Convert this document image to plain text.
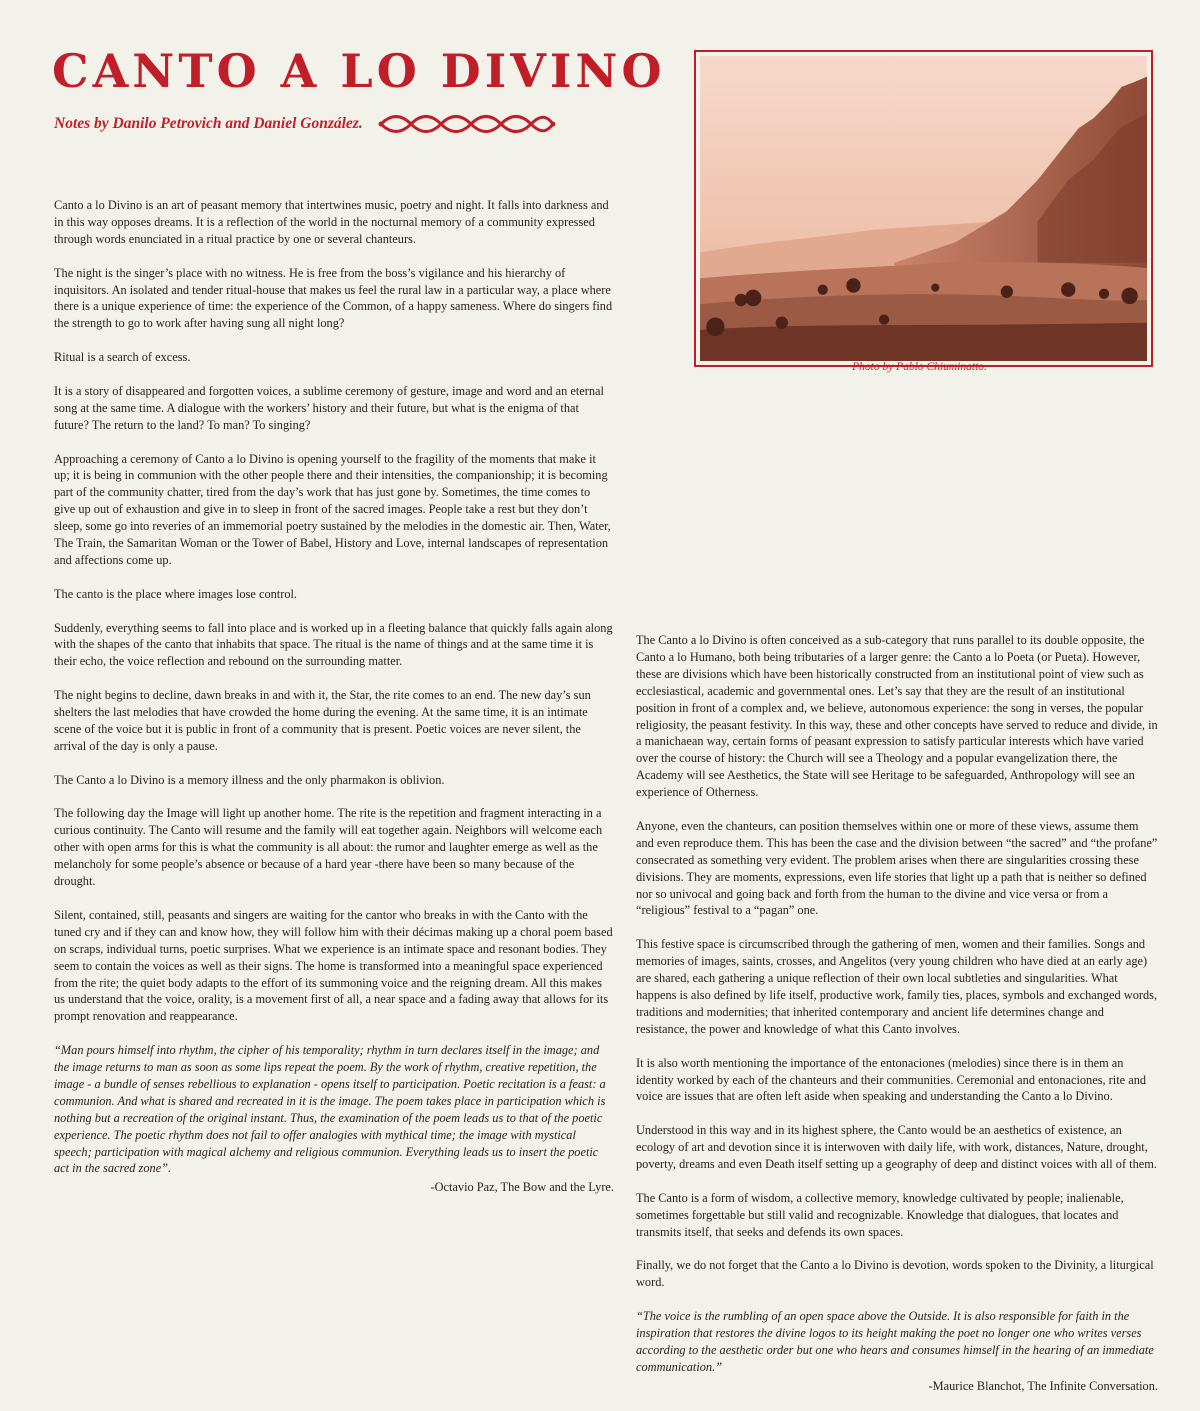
CANTO A LO DIVINO
Notes by Danilo Petrovich and Daniel González.
Photo by Pablo Chiuminatto.

Canto a lo Divino is an art of peasant memory that intertwines music, poetry and night. It falls into darkness and in this way opposes dreams. It is a reflection of the world in the nocturnal memory of a community expressed through words enunciated in a ritual practice by one or several chanteurs.

The night is the singer’s place with no witness. He is free from the boss’s vigilance and his hierarchy of inquisitors. An isolated and tender ritual-house that makes us feel the rural law in a particular way, a place where there is a unique experience of time: the experience of the Common, of a happy sameness. Where do singers find the strength to go to work after having sung all night long?

Ritual is a search of excess.

It is a story of disappeared and forgotten voices, a sublime ceremony of gesture, image and word and an eternal song at the same time. A dialogue with the workers’ history and their future, but what is the enigma of that future? The return to the land? To man? To singing?

Approaching a ceremony of Canto a lo Divino is opening yourself to the fragility of the moments that make it up; it is being in communion with the other people there and their intensities, the companionship; it is becoming part of the community chatter, tired from the day’s work that has just gone by. Sometimes, the time comes to give up out of exhaustion and give in to sleep in front of the sacred images. People take a rest but they don’t sleep, some go into reveries of an immemorial poetry sustained by the melodies in the domestic air. Then, Water, The Train, the Samaritan Woman or the Tower of Babel, History and Love, internal landscapes of representation and affections come up.

The canto is the place where images lose control.

Suddenly, everything seems to fall into place and is worked up in a fleeting balance that quickly falls again along with the shapes of the canto that inhabits that space. The ritual is the name of things and at the same time it is their echo, the voice reflection and rebound on the surrounding matter.

The night begins to decline, dawn breaks in and with it, the Star, the rite comes to an end. The new day’s sun shelters the last melodies that have crowded the home during the evening. At the same time, it is an intimate scene of the voice but it is public in front of a community that is present. Poetic voices are never silent, the arrival of the day is only a pause.

The Canto a lo Divino is a memory illness and the only pharmakon is oblivion.

The following day the Image will light up another home. The rite is the repetition and fragment interacting in a curious continuity. The Canto will resume and the family will eat together again. Neighbors will welcome each other with open arms for this is what the community is all about: the rumor and laughter emerge as well as the melancholy for some people’s absence or because of a hard year -there have been so many because of the drought.

Silent, contained, still, peasants and singers are waiting for the cantor who breaks in with the Canto with the tuned cry and if they can and know how, they will follow him with their décimas making up a choral poem based on scraps, individual turns, poetic surprises. What we experience is an intimate space and resonant bodies. They seem to contain the voices as well as their signs. The home is transformed into a meaningful space experienced from the rite; the quiet body adapts to the effort of its summoning voice and the reigning dream. All this makes us understand that the voice, orality, is a movement first of all, a near space and a fading away that allows for its prompt renovation and reappearance.

“Man pours himself into rhythm, the cipher of his temporality; rhythm in turn declares itself in the image; and the image returns to man as soon as some lips repeat the poem. By the work of rhythm, creative repetition, the image - a bundle of senses rebellious to explanation - opens itself to participation. Poetic recitation is a feast: a communion. And what is shared and recreated in it is the image. The poem takes place in participation which is nothing but a recreation of the original instant. Thus, the examination of the poem leads us to that of the poetic experience. The poetic rhythm does not fail to offer analogies with mythical time; the image with mystical speech; participation with magical alchemy and religious communion. Everything leads us to insert the poetic act in the sacred zone”.

-Octavio Paz, The Bow and the Lyre.

The Canto a lo Divino is often conceived as a sub-category that runs parallel to its double opposite, the Canto a lo Humano, both being tributaries of a larger genre: the Canto a lo Poeta (or Pueta). However, these are divisions which have been historically constructed from an institutional point of view such as ecclesiastical, academic and governmental ones. Let’s say that they are the result of an institutional position in front of a complex and, we believe, autonomous experience: the song in verses, the popular religiosity, the peasant festivity. In this way, these and other concepts have served to reduce and divide, in a manichaean way, certain forms of peasant expression to satisfy particular interests which have varied over the course of history: the Church will see a Theology and a popular evangelization there, the Academy will see Aesthetics, the State will see Heritage to be safeguarded, Anthropology will see an experience of Otherness.

Anyone, even the chanteurs, can position themselves within one or more of these views, assume them and even reproduce them. This has been the case and the division between “the sacred” and “the profane” consecrated as something very evident. The problem arises when there are singularities crossing these divisions. They are moments, expressions, even life stories that light up a path that is neither so defined nor so univocal and going back and forth from the human to the divine and vice versa or from a “religious” festival to a “pagan” one.

This festive space is circumscribed through the gathering of men, women and their families. Songs and memories of images, saints, crosses, and Angelitos (very young children who have died at an early age) are shared, each gathering a unique reflection of their own local subtleties and singularities. What happens is also defined by life itself, productive work, family ties, places, symbols and exchanged words, traditions and modernities; that inherited contemporary and ancient life determines change and resistance, the power and knowledge of what this Canto involves.

It is also worth mentioning the importance of the entonaciones (melodies) since there is in them an identity worked by each of the chanteurs and their communities. Ceremonial and entonaciones, rite and voice are issues that are often left aside when speaking and understanding the Canto a lo Divino.

Understood in this way and in its highest sphere, the Canto would be an aesthetics of existence, an ecology of art and devotion since it is interwoven with daily life, with work, distances, Nature, drought, poverty, dreams and even Death itself setting up a geography of deep and distinct voices with all of them.

The Canto is a form of wisdom, a collective memory, knowledge cultivated by people; inalienable, sometimes forgettable but still valid and recognizable. Knowledge that dialogues, that locates and transmits itself, that seeks and defends its own spaces.

Finally, we do not forget that the Canto a lo Divino is devotion, words spoken to the Divinity, a liturgical word.

“The voice is the rumbling of an open space above the Outside. It is also responsible for faith in the inspiration that restores the divine logos to its height making the poet no longer one who writes verses according to the aesthetic order but one who hears and consumes himself in the hearing of an immediate communication.”

-Maurice Blanchot, The Infinite Conversation.
